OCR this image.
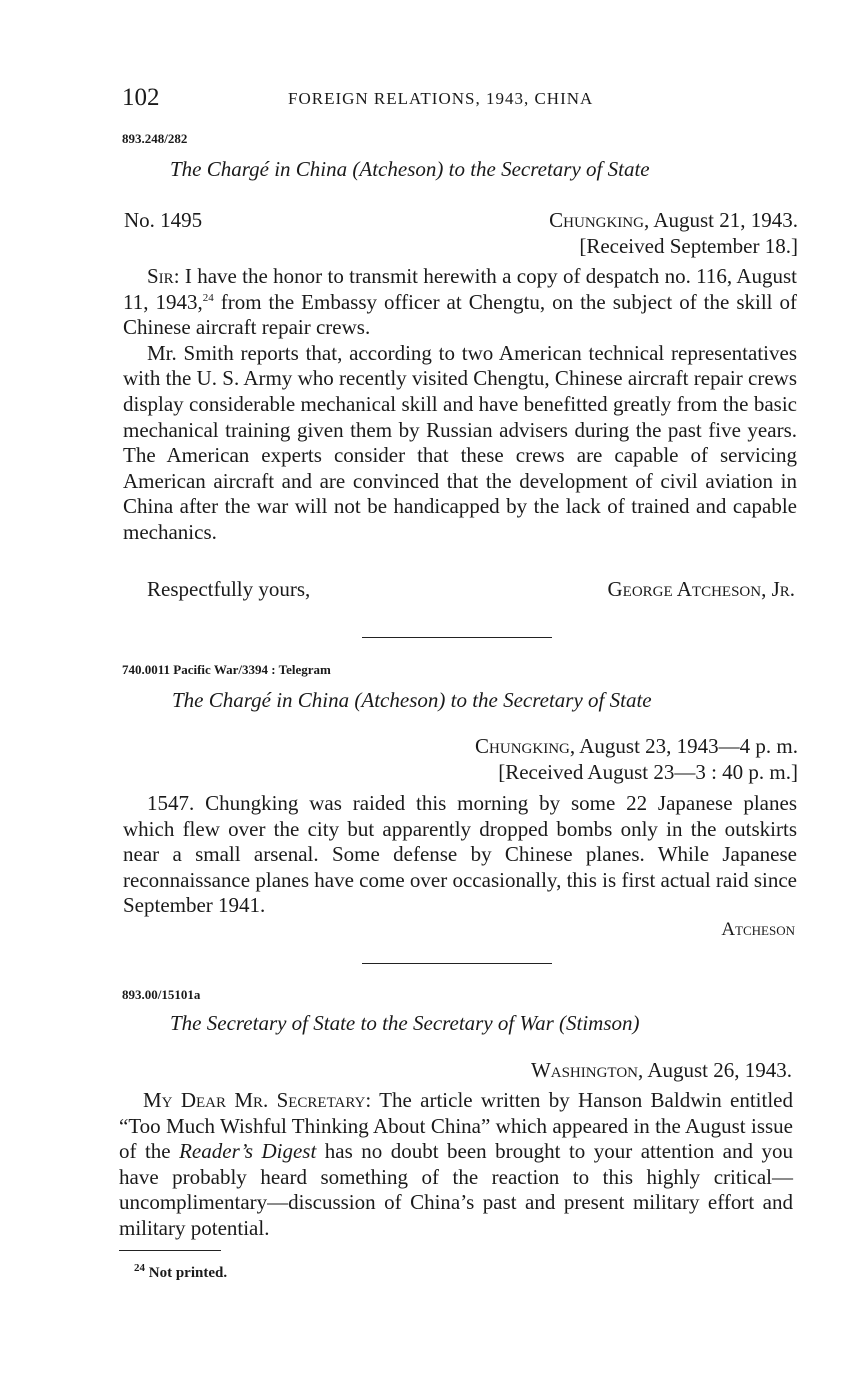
102	FOREIGN RELATIONS, 1943, CHINA
893.248/282
The Chargé in China (Atcheson) to the Secretary of State
No. 1495	Chungking, August 21, 1943.
[Received September 18.]

Sir: I have the honor to transmit herewith a copy of despatch no. 116, August 11, 1943,24 from the Embassy officer at Chengtu, on the subject of the skill of Chinese aircraft repair crews.

Mr. Smith reports that, according to two American technical representatives with the U. S. Army who recently visited Chengtu, Chinese aircraft repair crews display considerable mechanical skill and have benefitted greatly from the basic mechanical training given them by Russian advisers during the past five years. The American experts consider that these crews are capable of servicing American aircraft and are convinced that the development of civil aviation in China after the war will not be handicapped by the lack of trained and capable mechanics.

Respectfully yours,	George Atcheson, Jr.
740.0011 Pacific War/3394 : Telegram
The Chargé in China (Atcheson) to the Secretary of State
Chungking, August 23, 1943—4 p. m.
[Received August 23—3 : 40 p. m.]

1547. Chungking was raided this morning by some 22 Japanese planes which flew over the city but apparently dropped bombs only in the outskirts near a small arsenal. Some defense by Chinese planes. While Japanese reconnaissance planes have come over occasionally, this is first actual raid since September 1941.

Atcheson
893.00/15101a
The Secretary of State to the Secretary of War (Stimson)
Washington, August 26, 1943.

My Dear Mr. Secretary: The article written by Hanson Baldwin entitled “Too Much Wishful Thinking About China” which appeared in the August issue of the Reader’s Digest has no doubt been brought to your attention and you have probably heard something of the reaction to this highly critical—uncomplimentary—discussion of China’s past and present military effort and military potential.

$^{24}$ Not printed.
